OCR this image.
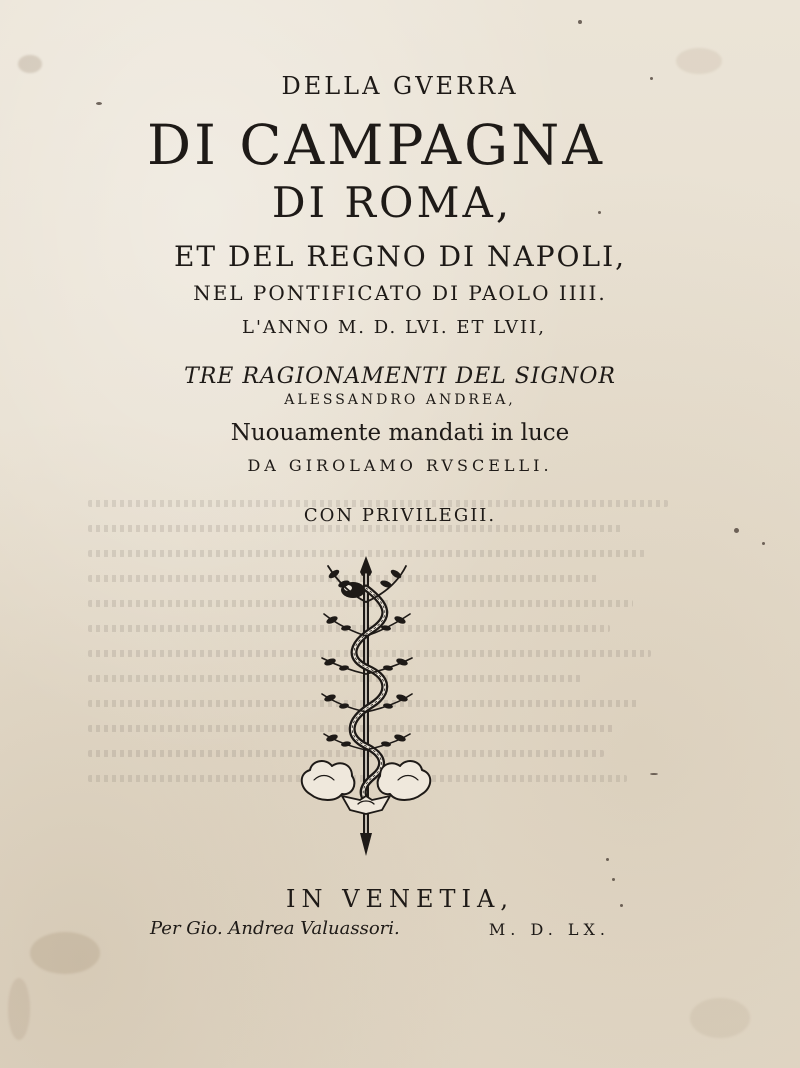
DELLA GVERRA
DI CAMPAGNA
DI ROMA,
ET DEL REGNO DI NAPOLI,
NEL PONTIFICATO DI PAOLO IIII.
L'ANNO M. D. LVI. ET LVII,
TRE RAGIONAMENTI DEL SIGNOR
ALESSANDRO ANDREA,
Nuouamente mandati in luce
DA GIROLAMO RVSCELLI.
CON PRIVILEGII.
IN VENETIA,
Per Gio. Andrea Valuassori.	M. D. LX.
